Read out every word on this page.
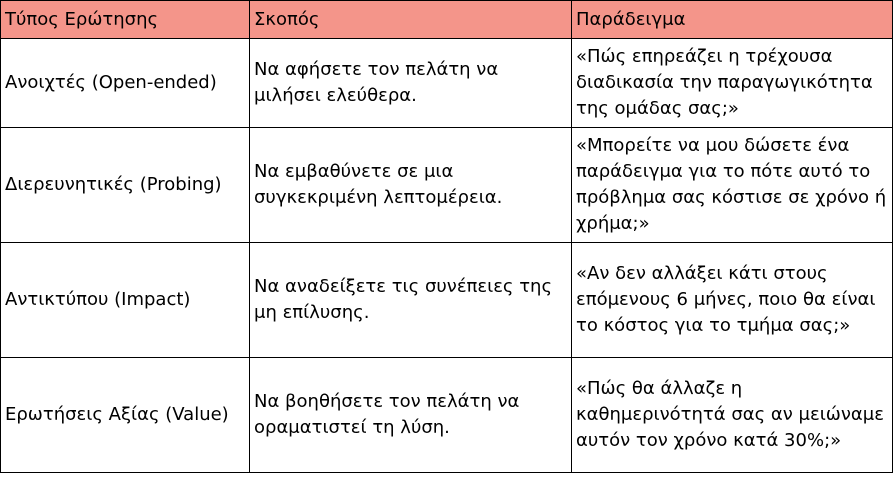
Τύπος Ερώτησης	Σκοπός	Παράδειγμα
Ανοιχτές (Open-ended)	Να αφήσετε τον πελάτη να μιλήσει ελεύθερα.	«Πώς επηρεάζει η τρέχουσα διαδικασία την παραγωγικότητα της ομάδας σας;»
Διερευνητικές (Probing)	Να εμβαθύνετε σε μια συγκεκριμένη λεπτομέρεια.	«Μπορείτε να μου δώσετε ένα παράδειγμα για το πότε αυτό το πρόβλημα σας κόστισε σε χρόνο ή χρήμα;»
Αντικτύπου (Impact)	Να αναδείξετε τις συνέπειες της μη επίλυσης.	«Αν δεν αλλάξει κάτι στους επόμενους 6 μήνες, ποιο θα είναι το κόστος για το τμήμα σας;»
Ερωτήσεις Αξίας (Value)	Να βοηθήσετε τον πελάτη να οραματιστεί τη λύση.	«Πώς θα άλλαζε η καθημερινότητά σας αν μειώναμε αυτόν τον χρόνο κατά 30%;»
